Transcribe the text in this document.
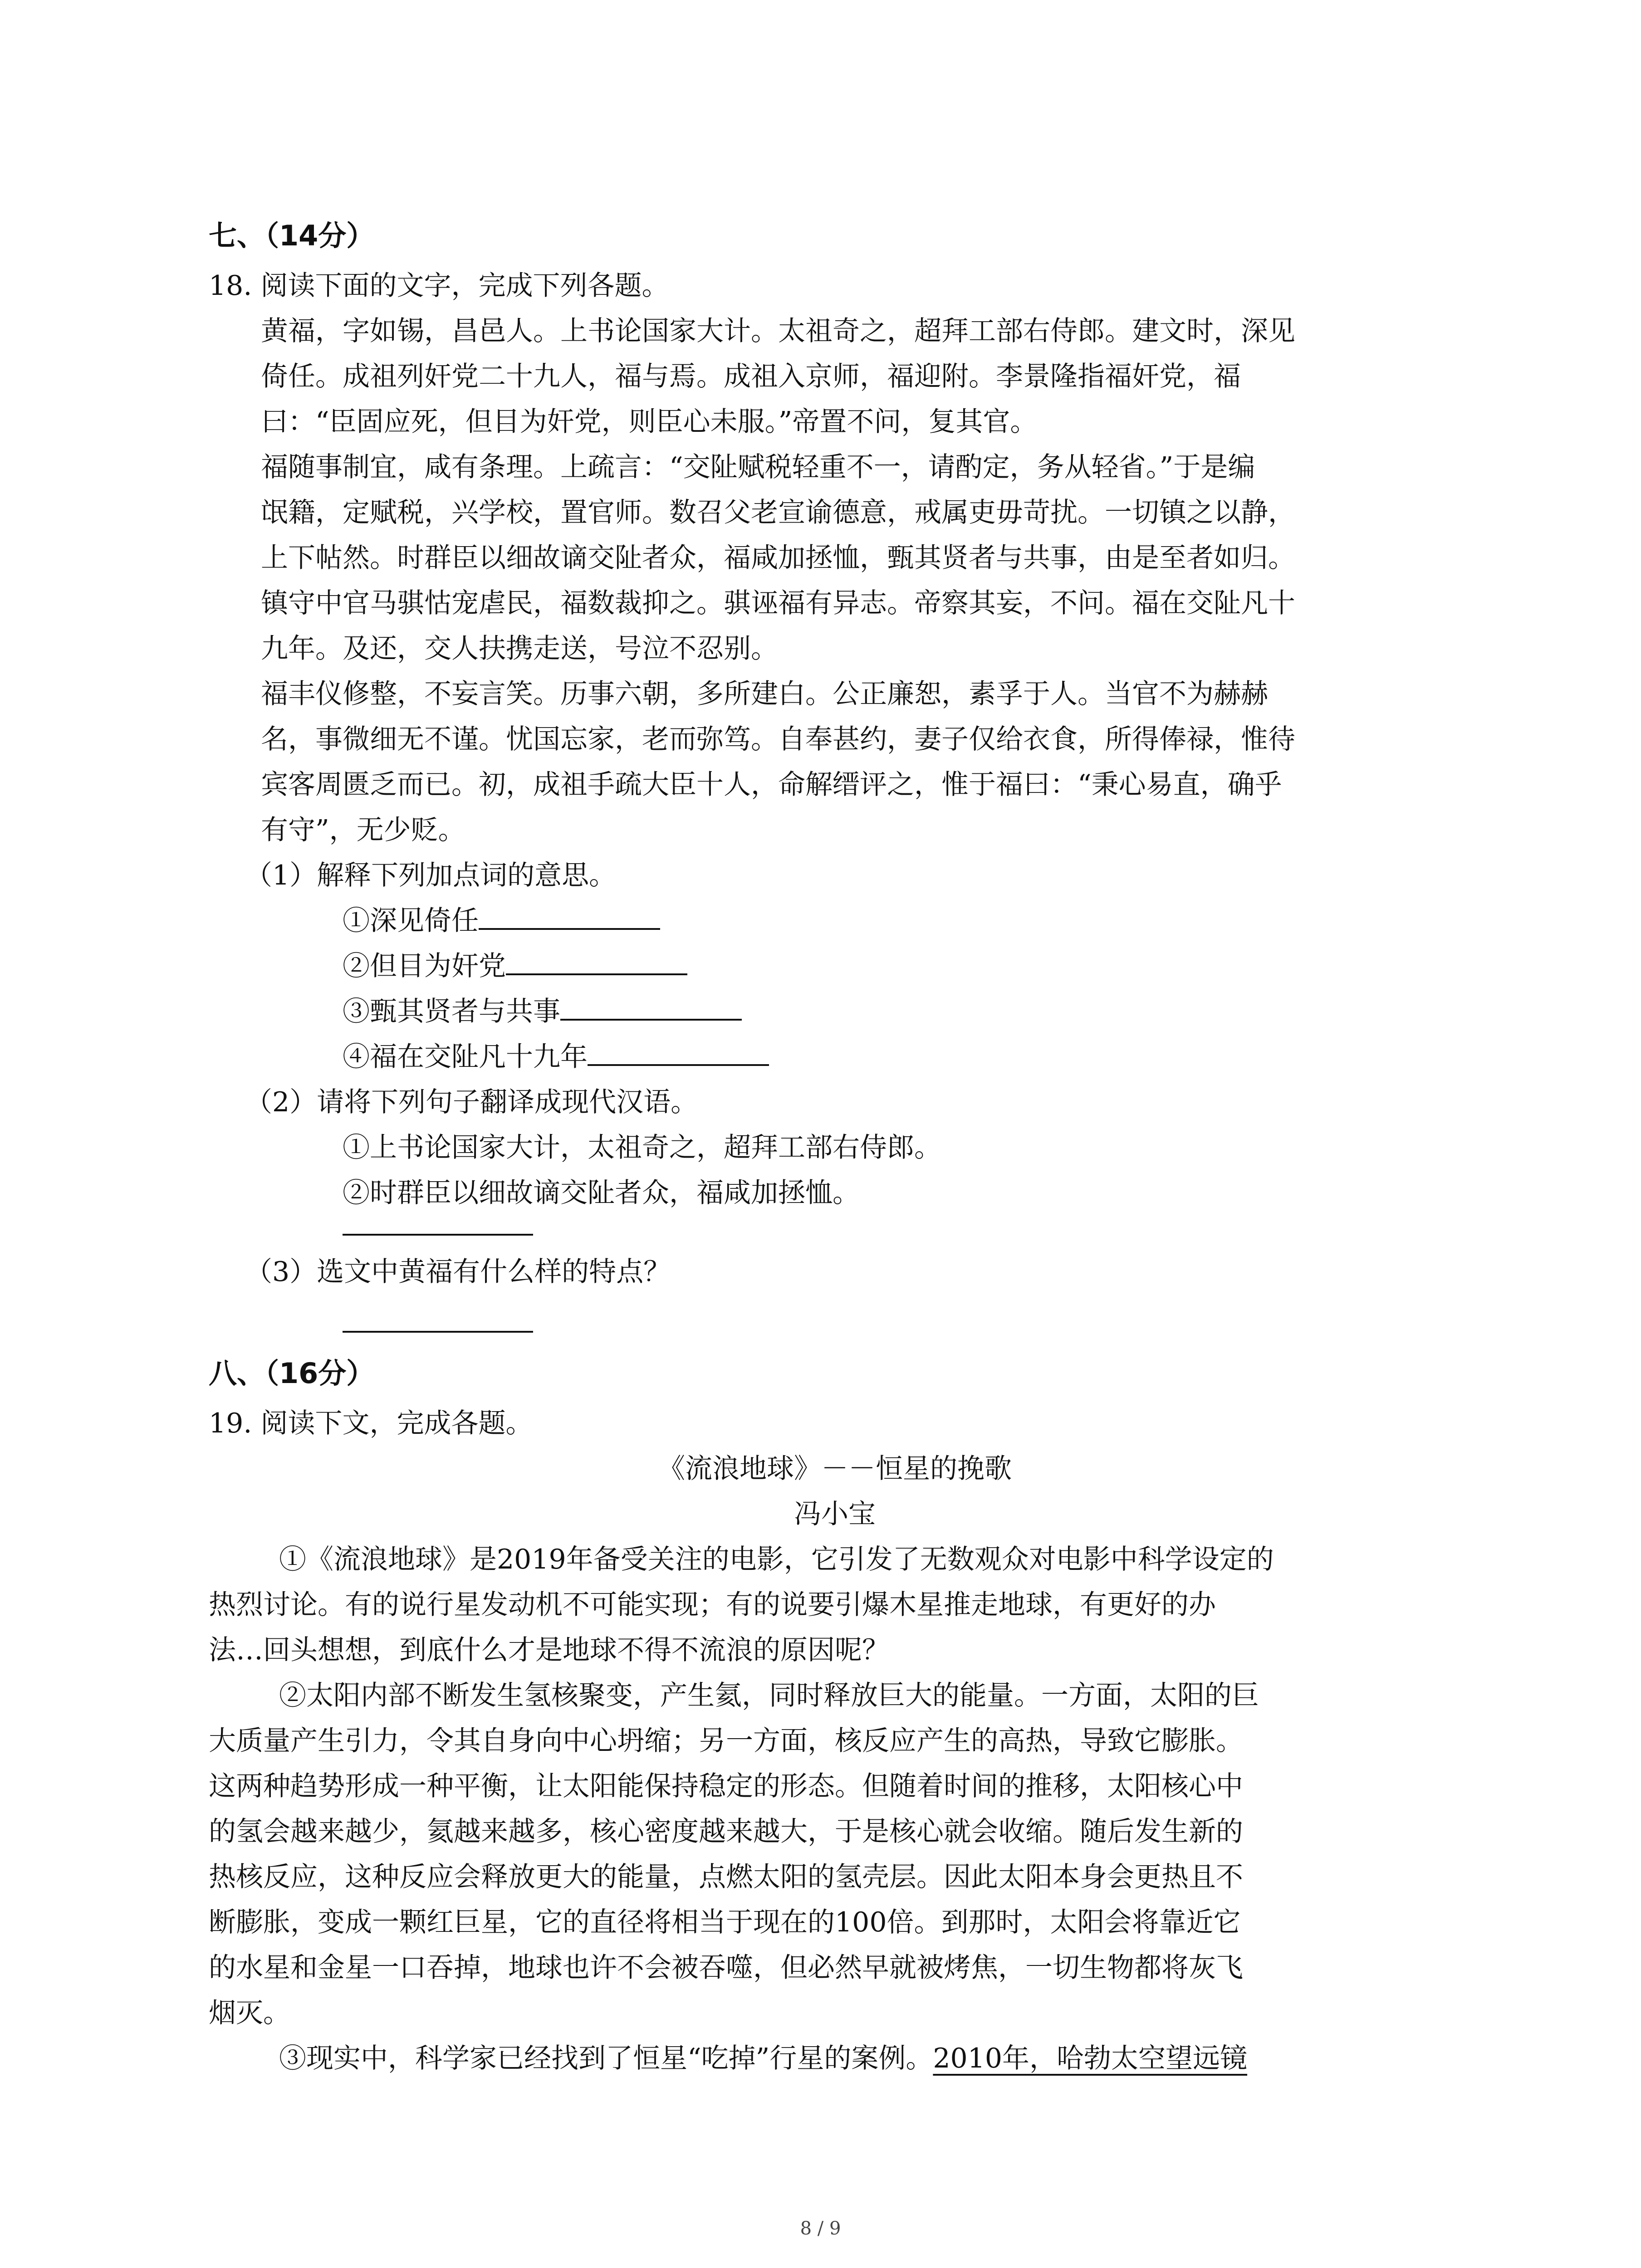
七、（14分）
18. 阅读下面的文字，完成下列各题。
黄福，字如锡，昌邑人。上书论国家大计。太祖奇之，超拜工部右侍郎。建文时，深见
倚任。成祖列奸党二十九人，福与焉。成祖入京师，福迎附。李景隆指福奸党，福
曰：“臣固应死，但目为奸党，则臣心未服。”帝置不问，复其官。
福随事制宜，咸有条理。上疏言：“交阯赋税轻重不一，请酌定，务从轻省。”于是编
氓籍，定赋税，兴学校，置官师。数召父老宣谕德意，戒属吏毋苛扰。一切镇之以静，
上下帖然。时群臣以细故谪交阯者众，福咸加拯恤，甄其贤者与共事，由是至者如归。
镇守中官马骐怙宠虐民，福数裁抑之。骐诬福有异志。帝察其妄，不问。福在交阯凡十
九年。及还，交人扶携走送，号泣不忍别。
福丰仪修整，不妄言笑。历事六朝，多所建白。公正廉恕，素孚于人。当官不为赫赫
名，事微细无不谨。忧国忘家，老而弥笃。自奉甚约，妻子仅给衣食，所得俸禄，惟待
宾客周匮乏而已。初，成祖手疏大臣十人，命解缙评之，惟于福曰：“秉心易直，确乎
有守”，无少贬。
（1）解释下列加点词的意思。
①深见倚任
②但目为奸党
③甄其贤者与共事
④福在交阯凡十九年
（2）请将下列句子翻译成现代汉语。
①上书论国家大计，太祖奇之，超拜工部右侍郎。
②时群臣以细故谪交阯者众，福咸加拯恤。
（3）选文中黄福有什么样的特点？
八、（16分）
19. 阅读下文，完成各题。
《流浪地球》－－恒星的挽歌
冯小宝
①《流浪地球》是2019年备受关注的电影，它引发了无数观众对电影中科学设定的
热烈讨论。有的说行星发动机不可能实现；有的说要引爆木星推走地球，有更好的办
法…回头想想，到底什么才是地球不得不流浪的原因呢？
②太阳内部不断发生氢核聚变，产生氦，同时释放巨大的能量。一方面，太阳的巨
大质量产生引力，令其自身向中心坍缩；另一方面，核反应产生的高热，导致它膨胀。
这两种趋势形成一种平衡，让太阳能保持稳定的形态。但随着时间的推移，太阳核心中
的氢会越来越少，氦越来越多，核心密度越来越大，于是核心就会收缩。随后发生新的
热核反应，这种反应会释放更大的能量，点燃太阳的氢壳层。因此太阳本身会更热且不
断膨胀，变成一颗红巨星，它的直径将相当于现在的100倍。到那时，太阳会将靠近它
的水星和金星一口吞掉，地球也许不会被吞噬，但必然早就被烤焦，一切生物都将灰飞
烟灭。
③现实中，科学家已经找到了恒星“吃掉”行星的案例。2010年，哈勃太空望远镜
8 / 9
